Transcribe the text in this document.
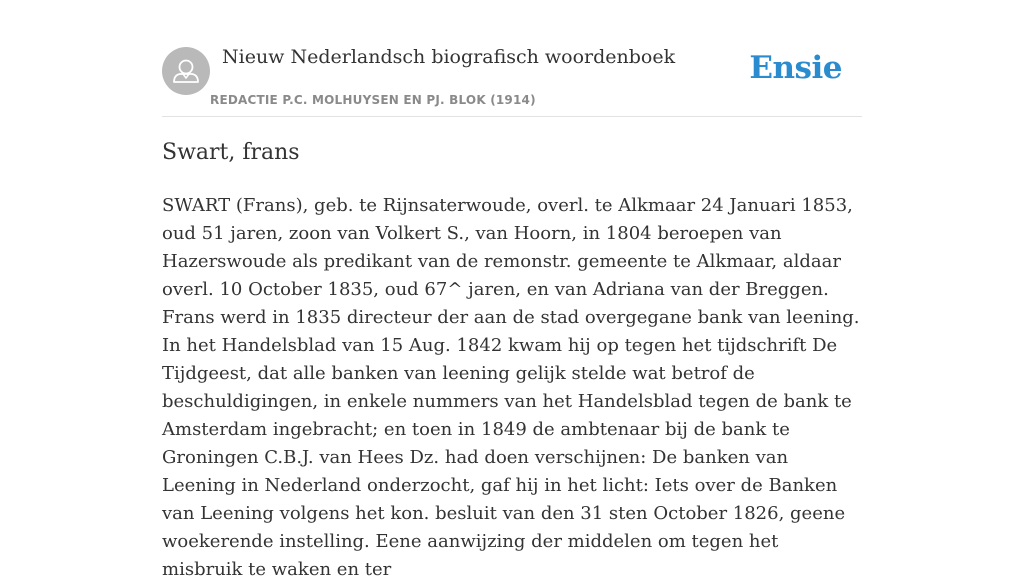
Nieuw Nederlandsch biografisch woordenboek
REDACTIE P.C. MOLHUYSEN EN PJ. BLOK (1914)
Ensie
Swart, frans

SWART (Frans), geb. te Rijnsaterwoude, overl. te Alkmaar 24 Januari 1853, oud 51 jaren, zoon van Volkert S., van Hoorn, in 1804 beroepen van Hazerswoude als predikant van de remonstr. gemeente te Alkmaar, aldaar overl. 10 October 1835, oud 67^ jaren, en van Adriana van der Breggen. Frans werd in 1835 directeur der aan de stad overgegane bank van leening. In het Handelsblad van 15 Aug. 1842 kwam hij op tegen het tijdschrift De Tijdgeest, dat alle banken van leening gelijk stelde wat betrof de beschuldigingen, in enkele nummers van het Handelsblad tegen de bank te Amsterdam ingebracht; en toen in 1849 de ambtenaar bij de bank te Groningen C.B.J. van Hees Dz. had doen verschijnen: De banken van Leening in Nederland onderzocht, gaf hij in het licht: Iets over de Banken van Leening volgens het kon. besluit van den 31 sten October 1826, geene woekerende instelling. Eene aanwijzing der middelen om tegen het misbruik te waken en ter
